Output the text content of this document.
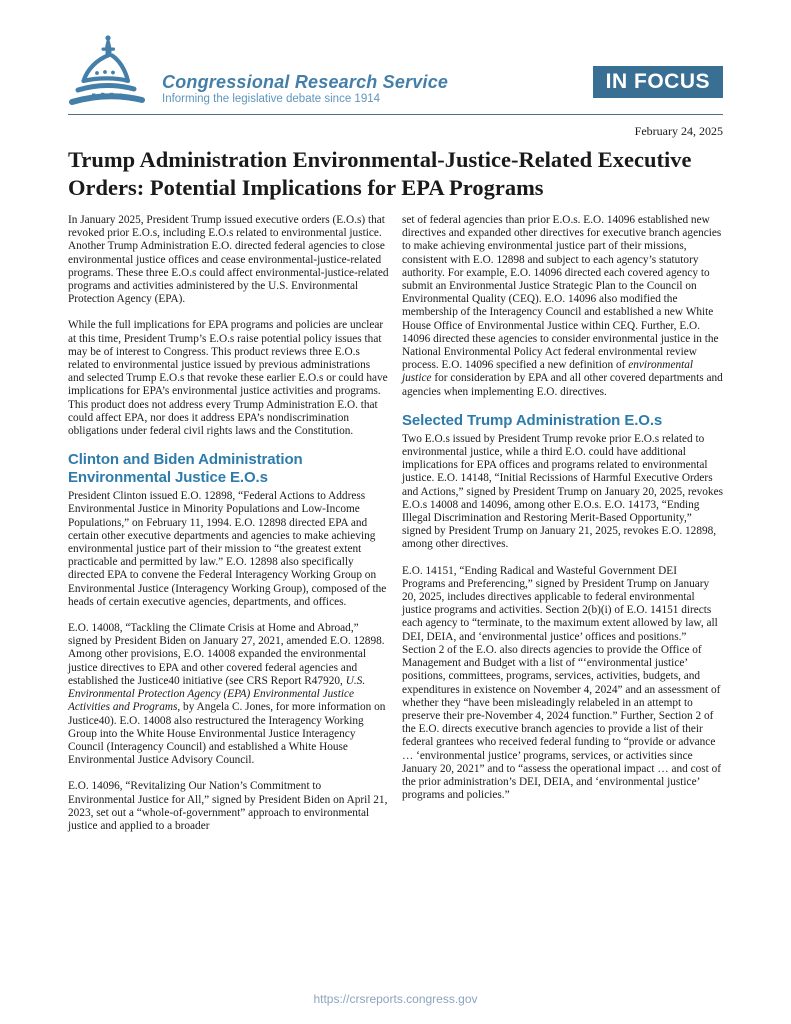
Congressional Research Service
Informing the legislative debate since 1914
IN FOCUS
February 24, 2025
Trump Administration Environmental-Justice-Related Executive Orders: Potential Implications for EPA Programs

In January 2025, President Trump issued executive orders (E.O.s) that revoked prior E.O.s, including E.O.s related to environmental justice. Another Trump Administration E.O. directed federal agencies to close environmental justice offices and cease environmental-justice-related programs. These three E.O.s could affect environmental-justice-related programs and activities administered by the U.S. Environmental Protection Agency (EPA).

While the full implications for EPA programs and policies are unclear at this time, President Trump’s E.O.s raise potential policy issues that may be of interest to Congress. This product reviews three E.O.s related to environmental justice issued by previous administrations and selected Trump E.O.s that revoke these earlier E.O.s or could have implications for EPA’s environmental justice activities and programs. This product does not address every Trump Administration E.O. that could affect EPA, nor does it address EPA’s nondiscrimination obligations under federal civil rights laws and the Constitution.

Clinton and Biden Administration Environmental Justice E.O.s

President Clinton issued E.O. 12898, “Federal Actions to Address Environmental Justice in Minority Populations and Low-Income Populations,” on February 11, 1994. E.O. 12898 directed EPA and certain other executive departments and agencies to make achieving environmental justice part of their mission to “the greatest extent practicable and permitted by law.” E.O. 12898 also specifically directed EPA to convene the Federal Interagency Working Group on Environmental Justice (Interagency Working Group), composed of the heads of certain executive agencies, departments, and offices.

E.O. 14008, “Tackling the Climate Crisis at Home and Abroad,” signed by President Biden on January 27, 2021, amended E.O. 12898. Among other provisions, E.O. 14008 expanded the environmental justice directives to EPA and other covered federal agencies and established the Justice40 initiative (see CRS Report R47920, U.S. Environmental Protection Agency (EPA) Environmental Justice Activities and Programs, by Angela C. Jones, for more information on Justice40). E.O. 14008 also restructured the Interagency Working Group into the White House Environmental Justice Interagency Council (Interagency Council) and established a White House Environmental Justice Advisory Council.

E.O. 14096, “Revitalizing Our Nation’s Commitment to Environmental Justice for All,” signed by President Biden on April 21, 2023, set out a “whole-of-government” approach to environmental justice and applied to a broader

set of federal agencies than prior E.O.s. E.O. 14096 established new directives and expanded other directives for executive branch agencies to make achieving environmental justice part of their missions, consistent with E.O. 12898 and subject to each agency’s statutory authority. For example, E.O. 14096 directed each covered agency to submit an Environmental Justice Strategic Plan to the Council on Environmental Quality (CEQ). E.O. 14096 also modified the membership of the Interagency Council and established a new White House Office of Environmental Justice within CEQ. Further, E.O. 14096 directed these agencies to consider environmental justice in the National Environmental Policy Act federal environmental review process. E.O. 14096 specified a new definition of environmental justice for consideration by EPA and all other covered departments and agencies when implementing E.O. directives.

Selected Trump Administration E.O.s

Two E.O.s issued by President Trump revoke prior E.O.s related to environmental justice, while a third E.O. could have additional implications for EPA offices and programs related to environmental justice. E.O. 14148, “Initial Recissions of Harmful Executive Orders and Actions,” signed by President Trump on January 20, 2025, revokes E.O.s 14008 and 14096, among other E.O.s. E.O. 14173, “Ending Illegal Discrimination and Restoring Merit-Based Opportunity,” signed by President Trump on January 21, 2025, revokes E.O. 12898, among other directives.

E.O. 14151, “Ending Radical and Wasteful Government DEI Programs and Preferencing,” signed by President Trump on January 20, 2025, includes directives applicable to federal environmental justice programs and activities. Section 2(b)(i) of E.O. 14151 directs each agency to “terminate, to the maximum extent allowed by law, all DEI, DEIA, and ‘environmental justice’ offices and positions.” Section 2 of the E.O. also directs agencies to provide the Office of Management and Budget with a list of “‘environmental justice’ positions, committees, programs, services, activities, budgets, and expenditures in existence on November 4, 2024” and an assessment of whether they “have been misleadingly relabeled in an attempt to preserve their pre-November 4, 2024 function.” Further, Section 2 of the E.O. directs executive branch agencies to provide a list of their federal grantees who received federal funding to “provide or advance … ‘environmental justice’ programs, services, or activities since January 20, 2021” and to “assess the operational impact … and cost of the prior administration’s DEI, DEIA, and ‘environmental justice’ programs and policies.”

https://crsreports.congress.gov
